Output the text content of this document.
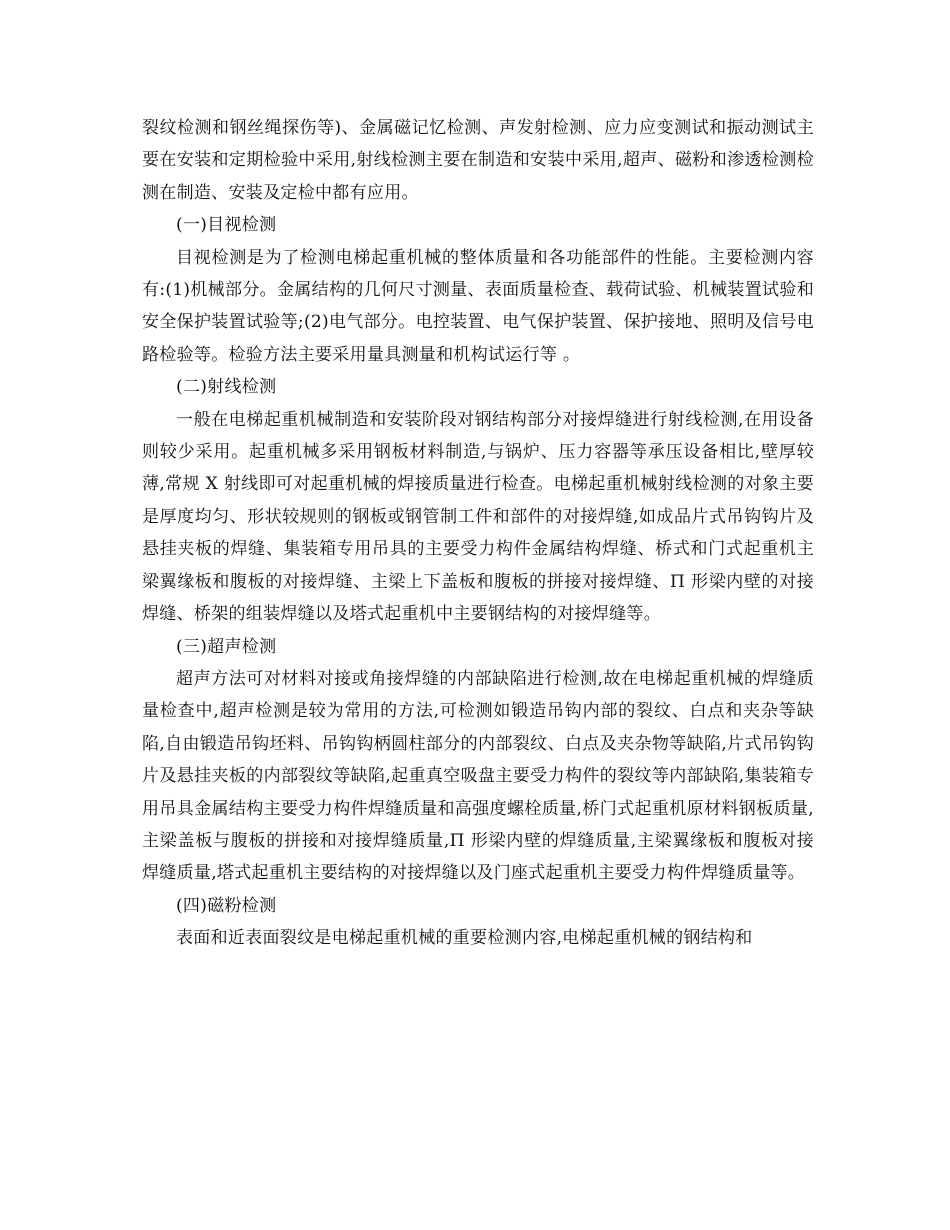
裂纹检测和钢丝绳探伤等)、金属磁记忆检测、声发射检测、应力应变测试和振动测试主要在安装和定期检验中采用,射线检测主要在制造和安装中采用,超声、磁粉和渗透检测检测在制造、安装及定检中都有应用。

(一)目视检测

目视检测是为了检测电梯起重机械的整体质量和各功能部件的性能。主要检测内容有:(1)机械部分。金属结构的几何尺寸测量、表面质量检查、载荷试验、机械装置试验和安全保护装置试验等;(2)电气部分。电控装置、电气保护装置、保护接地、照明及信号电路检验等。检验方法主要采用量具测量和机构试运行等 。

(二)射线检测

一般在电梯起重机械制造和安装阶段对钢结构部分对接焊缝进行射线检测,在用设备则较少采用。起重机械多采用钢板材料制造,与锅炉、压力容器等承压设备相比,壁厚较薄,常规 X 射线即可对起重机械的焊接质量进行检查。电梯起重机械射线检测的对象主要是厚度均匀、形状较规则的钢板或钢管制工件和部件的对接焊缝,如成品片式吊钩钩片及悬挂夹板的焊缝、集装箱专用吊具的主要受力构件金属结构焊缝、桥式和门式起重机主梁翼缘板和腹板的对接焊缝、主梁上下盖板和腹板的拼接对接焊缝、Π 形梁内壁的对接焊缝、桥架的组装焊缝以及塔式起重机中主要钢结构的对接焊缝等。

(三)超声检测

超声方法可对材料对接或角接焊缝的内部缺陷进行检测,故在电梯起重机械的焊缝质量检查中,超声检测是较为常用的方法,可检测如锻造吊钩内部的裂纹、白点和夹杂等缺陷,自由锻造吊钩坯料、吊钩钩柄圆柱部分的内部裂纹、白点及夹杂物等缺陷,片式吊钩钩片及悬挂夹板的内部裂纹等缺陷,起重真空吸盘主要受力构件的裂纹等内部缺陷,集装箱专用吊具金属结构主要受力构件焊缝质量和高强度螺栓质量,桥门式起重机原材料钢板质量,主梁盖板与腹板的拼接和对接焊缝质量,Π 形梁内壁的焊缝质量,主梁翼缘板和腹板对接焊缝质量,塔式起重机主要结构的对接焊缝以及门座式起重机主要受力构件焊缝质量等。

(四)磁粉检测

表面和近表面裂纹是电梯起重机械的重要检测内容,电梯起重机械的钢结构和
